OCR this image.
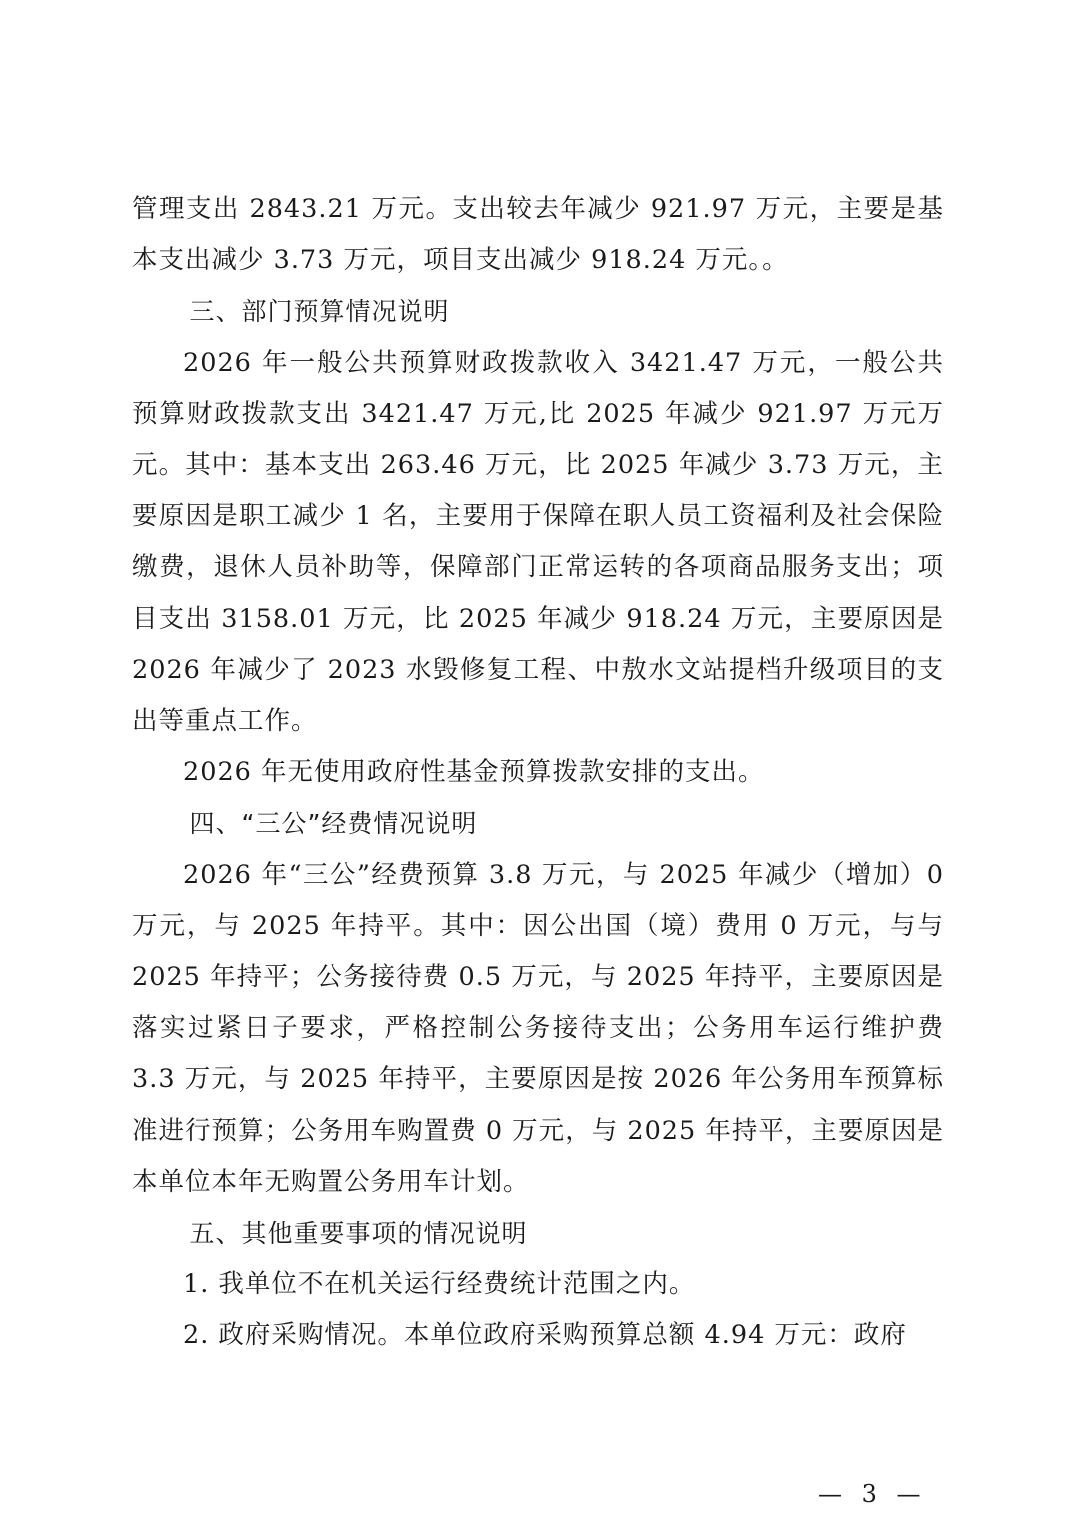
管理支出 2843.21 万元。支出较去年减少 921.97 万元，主要是基本支出减少 3.73 万元，项目支出减少 918.24 万元。。

三、部门预算情况说明

2026 年一般公共预算财政拨款收入 3421.47 万元，一般公共预算财政拨款支出 3421.47 万元,比 2025 年减少 921.97 万元万元。其中：基本支出 263.46 万元，比 2025 年减少 3.73 万元，主要原因是职工减少 1 名，主要用于保障在职人员工资福利及社会保险缴费，退休人员补助等，保障部门正常运转的各项商品服务支出；项目支出 3158.01 万元，比 2025 年减少 918.24 万元，主要原因是 2026 年减少了 2023 水毁修复工程、中敖水文站提档升级项目的支出等重点工作。

2026 年无使用政府性基金预算拨款安排的支出。

四、“三公”经费情况说明

2026 年“三公”经费预算 3.8 万元，与 2025 年减少（增加）0 万元，与 2025 年持平。其中：因公出国（境）费用 0 万元，与与 2025 年持平；公务接待费 0.5 万元，与 2025 年持平，主要原因是落实过紧日子要求，严格控制公务接待支出；公务用车运行维护费 3.3 万元，与 2025 年持平，主要原因是按 2026 年公务用车预算标准进行预算；公务用车购置费 0 万元，与 2025 年持平，主要原因是本单位本年无购置公务用车计划。

五、其他重要事项的情况说明

1. 我单位不在机关运行经费统计范围之内。

2. 政府采购情况。本单位政府采购预算总额 4.94 万元：政府

— 3 —
